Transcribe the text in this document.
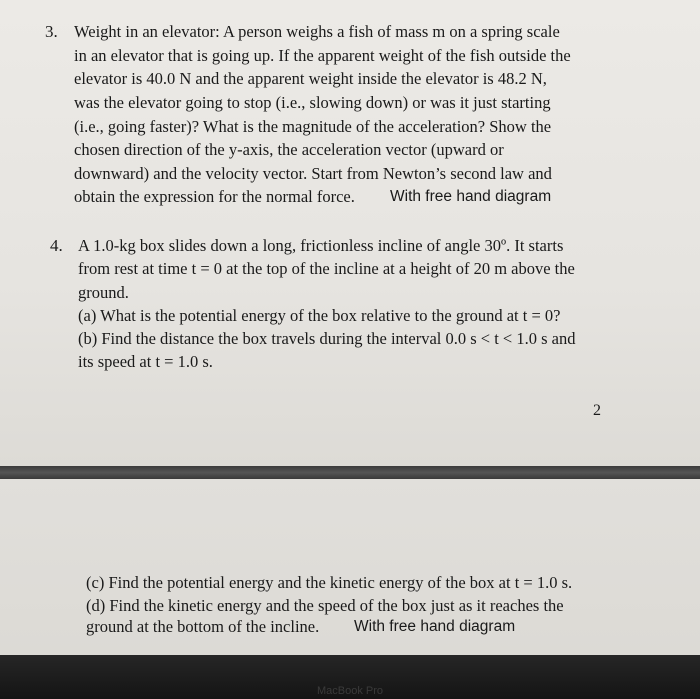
3. Weight in an elevator: A person weighs a fish of mass m on a spring scale
in an elevator that is going up. If the apparent weight of the fish outside the
elevator is 40.0 N and the apparent weight inside the elevator is 48.2 N,
was the elevator going to stop (i.e., slowing down) or was it just starting
(i.e., going faster)? What is the magnitude of the acceleration? Show the
chosen direction of the y-axis, the acceleration vector (upward or
downward) and the velocity vector. Start from Newton’s second law and
obtain the expression for the normal force. With free hand diagram
4. A 1.0-kg box slides down a long, frictionless incline of angle 30º. It starts
from rest at time t = 0 at the top of the incline at a height of 20 m above the
ground.
(a) What is the potential energy of the box relative to the ground at t = 0?
(b) Find the distance the box travels during the interval 0.0 s < t < 1.0 s and
its speed at t = 1.0 s.
2
(c) Find the potential energy and the kinetic energy of the box at t = 1.0 s.
(d) Find the kinetic energy and the speed of the box just as it reaches the
ground at the bottom of the incline. With free hand diagram
MacBook Pro
